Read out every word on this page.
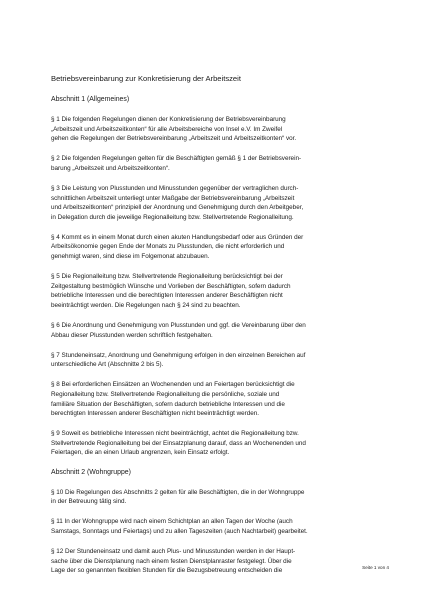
Betriebsvereinbarung zur Konkretisierung der Arbeitszeit
Abschnitt 1 (Allgemeines)
§ 1 Die folgenden Regelungen dienen der Konkretisierung der Betriebsvereinbarung
„Arbeitszeit und Arbeitszeitkonten“ für alle Arbeitsbereiche von Insel e.V. Im Zweifel
gehen die Regelungen der Betriebsvereinbarung „Arbeitszeit und Arbeitszeitkonten“ vor.
§ 2 Die folgenden Regelungen gelten für die Beschäftigten gemäß § 1 der Betriebsverein-
barung „Arbeitszeit und Arbeitszeitkonten“.
§ 3 Die Leistung von Plusstunden und Minusstunden gegenüber der vertraglichen durch-
schnittlichen Arbeitszeit unterliegt unter Maßgabe der Betriebsvereinbarung „Arbeitszeit
und Arbeitszeitkonten“ prinzipiell der Anordnung und Genehmigung durch den Arbeitgeber,
in Delegation durch die jeweilige Regionalleitung bzw. Stellvertretende Regionalleitung.
§ 4 Kommt es in einem Monat durch einen akuten Handlungsbedarf oder aus Gründen der
Arbeitsökonomie gegen Ende der Monats zu Plusstunden, die nicht erforderlich und
genehmigt waren, sind diese im Folgemonat abzubauen.
§ 5 Die Regionalleitung bzw. Stellvertretende Regionalleitung berücksichtigt bei der
Zeitgestaltung bestmöglich Wünsche und Vorlieben der Beschäftigten, sofern dadurch
betriebliche Interessen und die berechtigten Interessen anderer Beschäftigten nicht
beeinträchtigt werden. Die Regelungen nach § 24 sind zu beachten.
§ 6 Die Anordnung und Genehmigung von Plusstunden und ggf. die Vereinbarung über den
Abbau dieser Plusstunden werden schriftlich festgehalten.
§ 7 Stundeneinsatz, Anordnung und Genehmigung erfolgen in den einzelnen Bereichen auf
unterschiedliche Art (Abschnitte 2 bis 5).
§ 8 Bei erforderlichen Einsätzen an Wochenenden und an Feiertagen berücksichtigt die
Regionalleitung bzw. Stellvertretende Regionalleitung die persönliche, soziale und
familiäre Situation der Beschäftigten, sofern dadurch betriebliche Interessen und die
berechtigten Interessen anderer Beschäftigten nicht beeinträchtigt werden.
§ 9 Soweit es betriebliche Interessen nicht beeinträchtigt, achtet die Regionalleitung bzw.
Stellvertretende Regionalleitung bei der Einsatzplanung darauf, dass an Wochenenden und
Feiertagen, die an einen Urlaub angrenzen, kein Einsatz erfolgt.
Abschnitt 2 (Wohngruppe)
§ 10 Die Regelungen des Abschnitts 2 gelten für alle Beschäftigten, die in der Wohngruppe
in der Betreuung tätig sind.
§ 11 In der Wohngruppe wird nach einem Schichtplan an allen Tagen der Woche (auch
Samstags, Sonntags und Feiertags) und zu allen Tageszeiten (auch Nachtarbeit) gearbeitet.
§ 12 Der Stundeneinsatz und damit auch Plus- und Minusstunden werden in der Haupt-
sache über die Dienstplanung nach einem festen Dienstplanraster festgelegt. Über die
Lage der so genannten flexiblen Stunden für die Bezugsbetreuung entscheiden die	Seite 1 von 4
